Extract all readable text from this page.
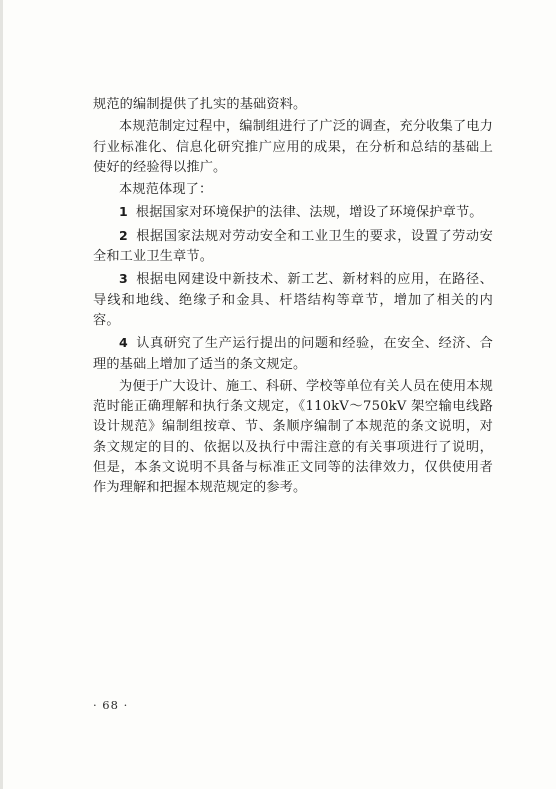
规范的编制提供了扎实的基础资料。

本规范制定过程中，编制组进行了广泛的调查，充分收集了电力行业标准化、信息化研究推广应用的成果，在分析和总结的基础上使好的经验得以推广。

本规范体现了：

1 根据国家对环境保护的法律、法规，增设了环境保护章节。

2 根据国家法规对劳动安全和工业卫生的要求，设置了劳动安全和工业卫生章节。

3 根据电网建设中新技术、新工艺、新材料的应用，在路径、导线和地线、绝缘子和金具、杆塔结构等章节，增加了相关的内容。

4 认真研究了生产运行提出的问题和经验，在安全、经济、合理的基础上增加了适当的条文规定。

为便于广大设计、施工、科研、学校等单位有关人员在使用本规范时能正确理解和执行条文规定，《110kV～750kV 架空输电线路设计规范》编制组按章、节、条顺序编制了本规范的条文说明，对条文规定的目的、依据以及执行中需注意的有关事项进行了说明，但是，本条文说明不具备与标准正文同等的法律效力，仅供使用者作为理解和把握本规范规定的参考。

· 68 ·
